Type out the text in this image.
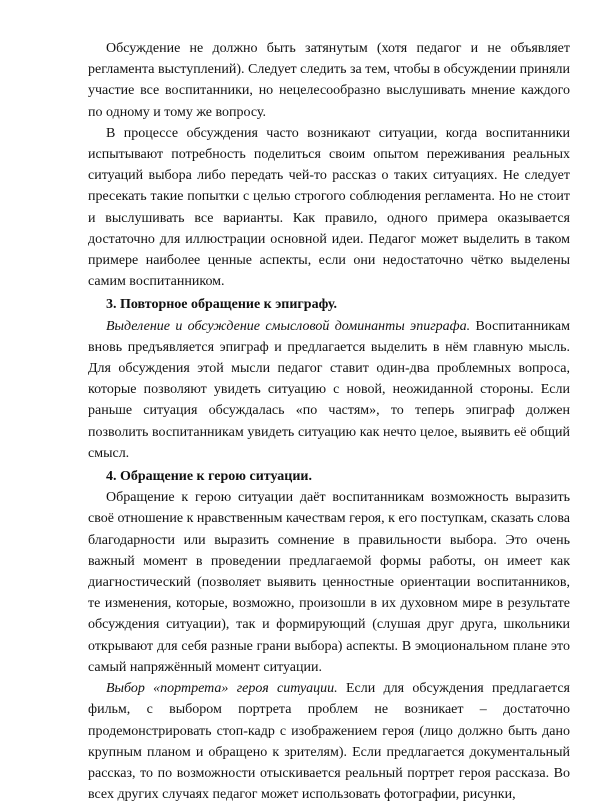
Обсуждение не должно быть затянутым (хотя педагог и не объявляет регламента выступлений). Следует следить за тем, чтобы в обсуждении приняли участие все воспитанники, но нецелесообразно выслушивать мнение каждого по одному и тому же вопросу.

В процессе обсуждения часто возникают ситуации, когда воспитанники испытывают потребность поделиться своим опытом переживания реальных ситуаций выбора либо передать чей-то рассказ о таких ситуациях. Не следует пресекать такие попытки с целью строгого соблюдения регламента. Но не стоит и выслушивать все варианты. Как правило, одного примера оказывается достаточно для иллюстрации основной идеи. Педагог может выделить в таком примере наиболее ценные аспекты, если они недостаточно чётко выделены самим воспитанником.

3. Повторное обращение к эпиграфу.

Выделение и обсуждение смысловой доминанты эпиграфа. Воспитанникам вновь предъявляется эпиграф и предлагается выделить в нём главную мысль. Для обсуждения этой мысли педагог ставит один-два проблемных вопроса, которые позволяют увидеть ситуацию с новой, неожиданной стороны. Если раньше ситуация обсуждалась «по частям», то теперь эпиграф должен позволить воспитанникам увидеть ситуацию как нечто целое, выявить её общий смысл.

4. Обращение к герою ситуации.

Обращение к герою ситуации даёт воспитанникам возможность выразить своё отношение к нравственным качествам героя, к его поступкам, сказать слова благодарности или выразить сомнение в правильности выбора. Это очень важный момент в проведении предлагаемой формы работы, он имеет как диагностический (позволяет выявить ценностные ориентации воспитанников, те изменения, которые, возможно, произошли в их духовном мире в результате обсуждения ситуации), так и формирующий (слушая друг друга, школьники открывают для себя разные грани выбора) аспекты. В эмоциональном плане это самый напряжённый момент ситуации.

Выбор «портрета» героя ситуации. Если для обсуждения предлагается фильм, с выбором портрета проблем не возникает – достаточно продемонстрировать стоп-кадр с изображением героя (лицо должно быть дано крупным планом и обращено к зрителям). Если предлагается документальный рассказ, то по возможности отыскивается реальный портрет героя рассказа. Во всех других случаях педагог может использовать фотографии, рисунки,
